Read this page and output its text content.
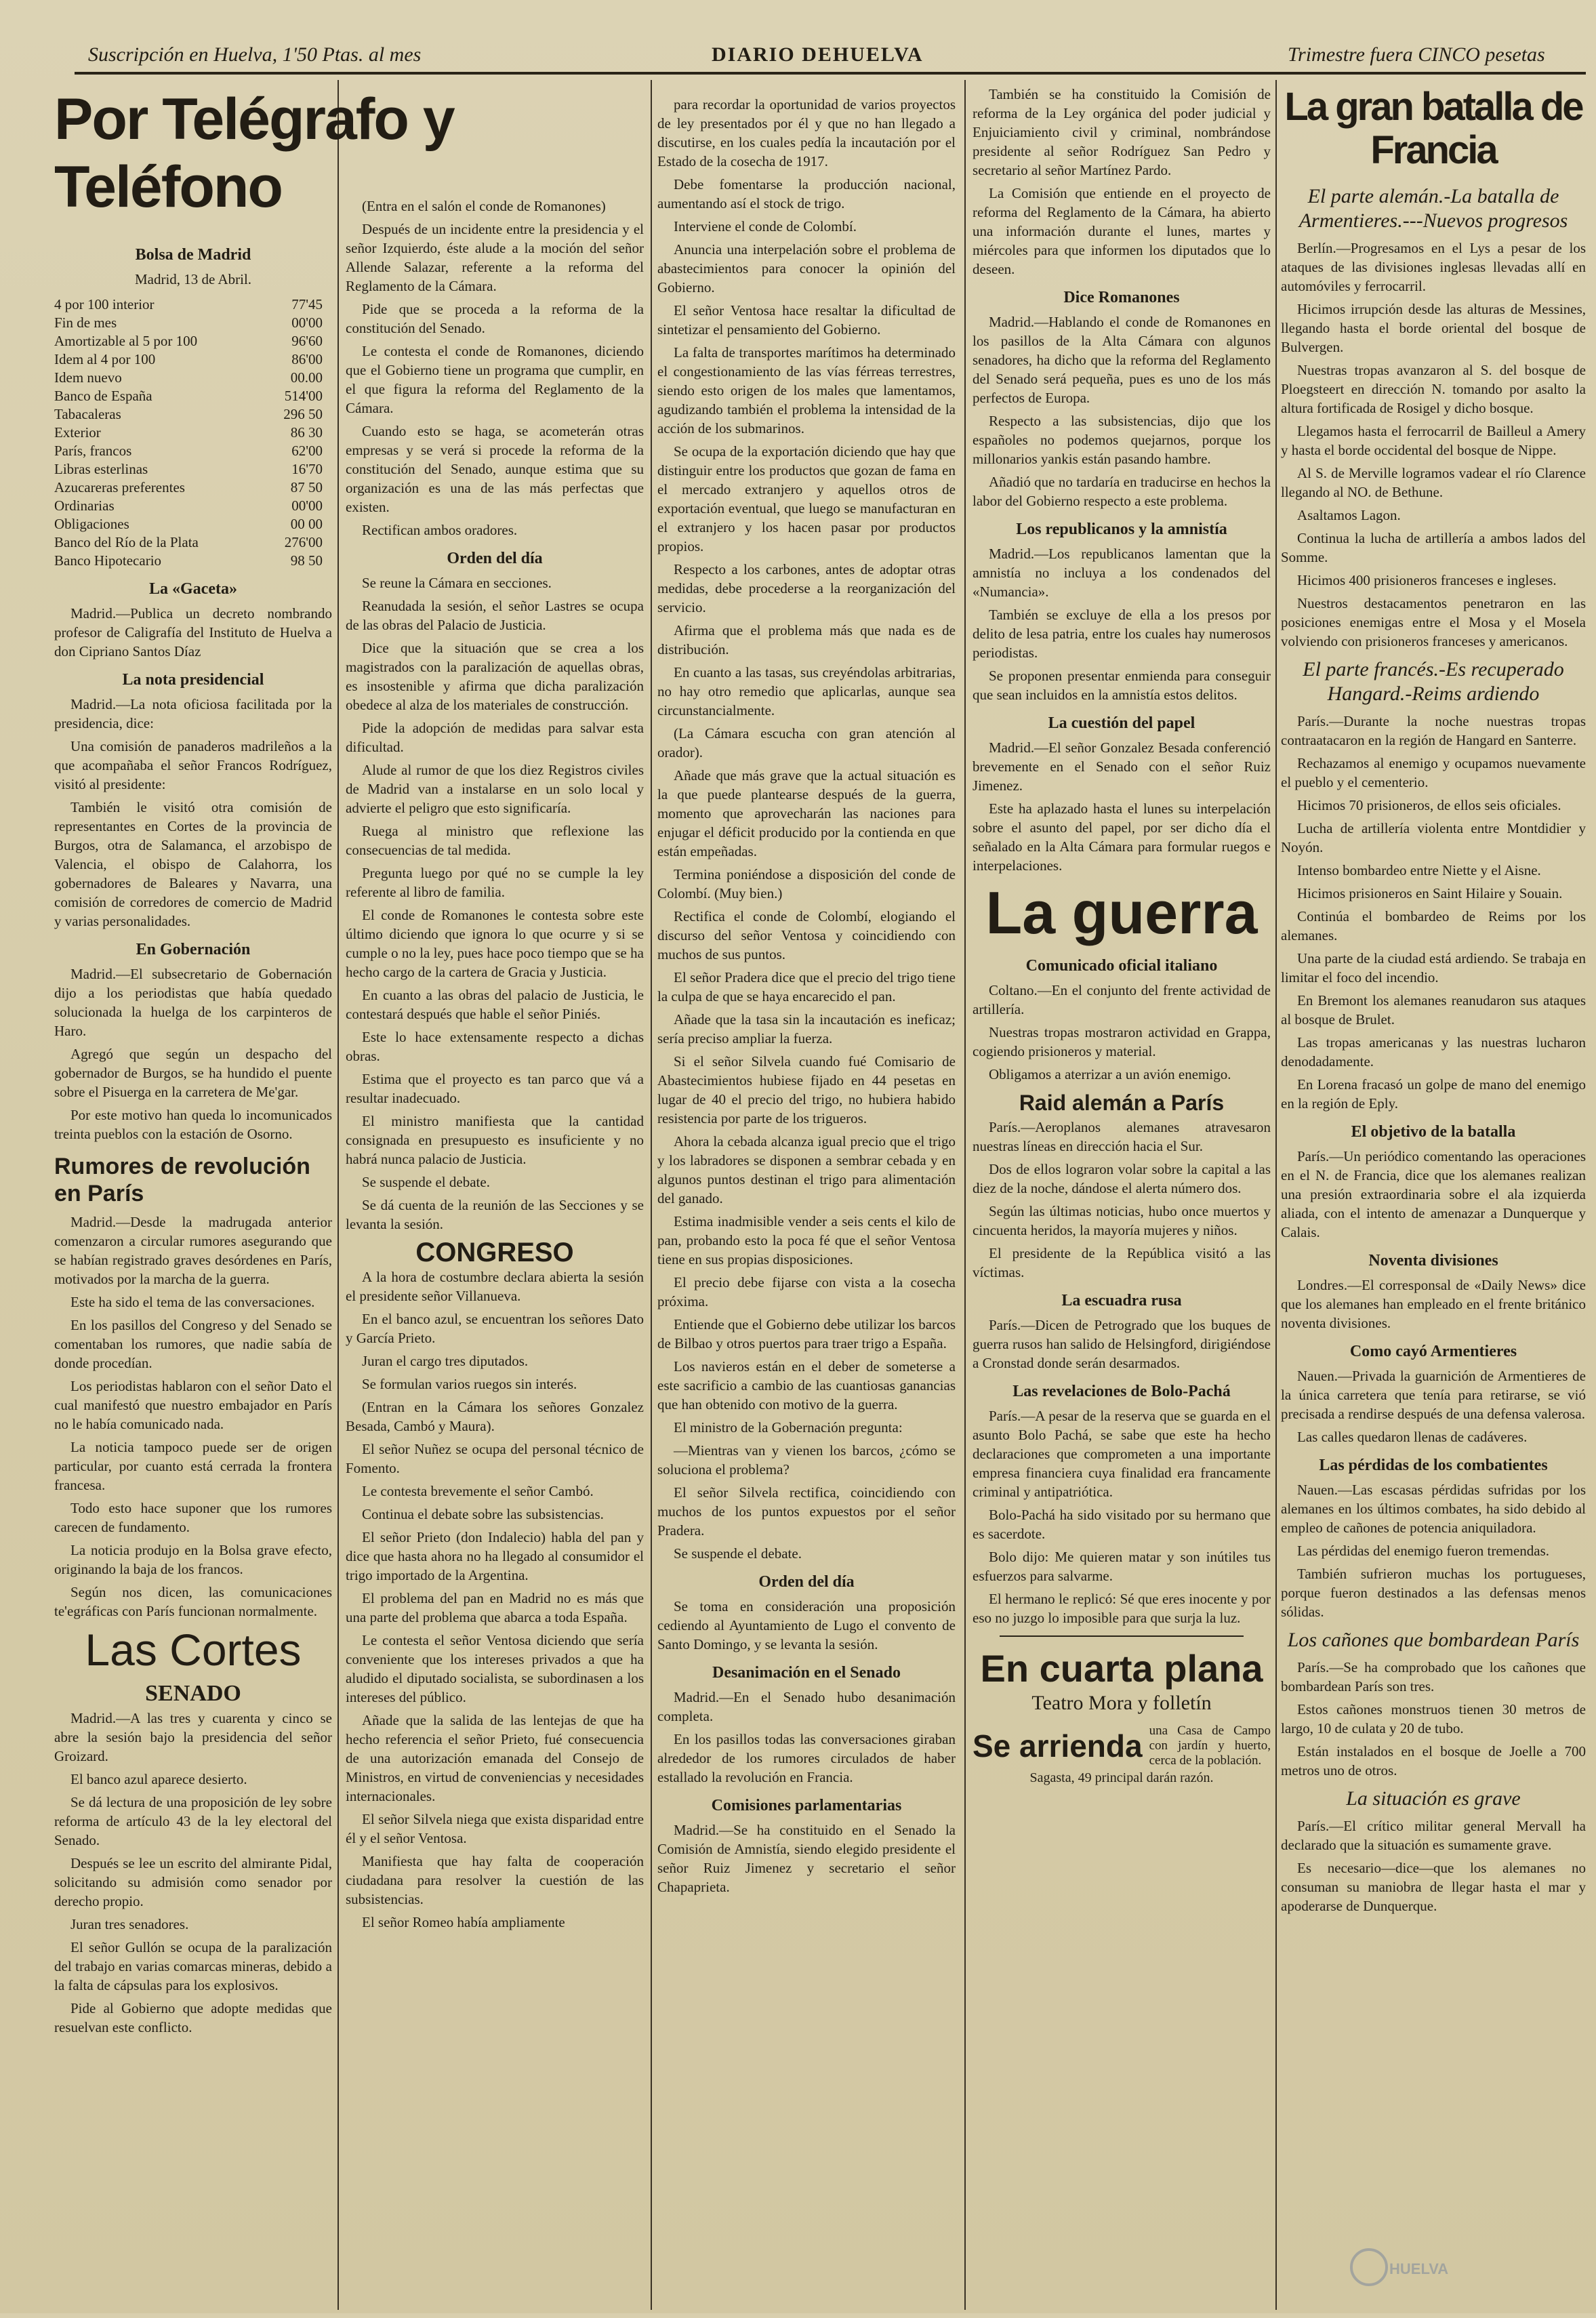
Suscripción en Huelva, 1'50 Ptas. al mes	DIARIO DEHUELVA	Trimestre fuera CINCO pesetas
Por Telégrafo y Teléfono
Bolsa de Madrid
Madrid, 13 de Abril.
4 por 100 interior	77'45
Fin de mes	00'00
Amortizable al 5 por 100	96'60
Idem al 4 por 100	86'00
Idem nuevo	00.00
Banco de España	514'00
Tabacaleras	296 50
Exterior	86 30
París, francos	62'00
Libras esterlinas	16'70
Azucareras preferentes	87 50
Ordinarias	00'00
Obligaciones	00 00
Banco del Río de la Plata	276'00
Banco Hipotecario	98 50
La «Gaceta»

Madrid.—Publica un decreto nombrando profesor de Caligrafía del Instituto de Huelva a don Cipriano Santos Díaz

La nota presidencial

Madrid.—La nota oficiosa facilitada por la presidencia, dice:

Una comisión de panaderos madrileños a la que acompañaba el señor Francos Rodríguez, visitó al presidente:

También le visitó otra comisión de representantes en Cortes de la provincia de Burgos, otra de Salamanca, el arzobispo de Valencia, el obispo de Calahorra, los gobernadores de Baleares y Navarra, una comisión de corredores de comercio de Madrid y varias personalidades.

En Gobernación

Madrid.—El subsecretario de Gobernación dijo a los periodistas que había quedado solucionada la huelga de los carpinteros de Haro.

Agregó que según un despacho del gobernador de Burgos, se ha hundido el puente sobre el Pisuerga en la carretera de Me'gar.

Por este motivo han queda lo incomunicados treinta pueblos con la estación de Osorno.

Rumores de revolución en París

Madrid.—Desde la madrugada anterior comenzaron a circular rumores asegurando que se habían registrado graves desórdenes en París, motivados por la marcha de la guerra.

Este ha sido el tema de las conversaciones.

En los pasillos del Congreso y del Senado se comentaban los rumores, que nadie sabía de donde procedían.

Los periodistas hablaron con el señor Dato el cual manifestó que nuestro embajador en París no le había comunicado nada.

La noticia tampoco puede ser de origen particular, por cuanto está cerrada la frontera francesa.

Todo esto hace suponer que los rumores carecen de fundamento.

La noticia produjo en la Bolsa grave efecto, originando la baja de los francos.

Según nos dicen, las comunicaciones te'egráficas con París funcionan normalmente.

Las Cortes
SENADO

Madrid.—A las tres y cuarenta y cinco se abre la sesión bajo la presidencia del señor Groizard.

El banco azul aparece desierto.

Se dá lectura de una proposición de ley sobre reforma de artículo 43 de la ley electoral del Senado.

Después se lee un escrito del almirante Pidal, solicitando su admisión como senador por derecho propio.

Juran tres senadores.

El señor Gullón se ocupa de la paralización del trabajo en varias comarcas mineras, debido a la falta de cápsulas para los explosivos.

Pide al Gobierno que adopte medidas que resuelvan este conflicto.

(Entra en el salón el conde de Romanones)

Después de un incidente entre la presidencia y el señor Izquierdo, éste alude a la moción del señor Allende Salazar, referente a la reforma del Reglamento de la Cámara.

Pide que se proceda a la reforma de la constitución del Senado.

Le contesta el conde de Romanones, diciendo que el Gobierno tiene un programa que cumplir, en el que figura la reforma del Reglamento de la Cámara.

Cuando esto se haga, se acometerán otras empresas y se verá si procede la reforma de la constitución del Senado, aunque estima que su organización es una de las más perfectas que existen.

Rectifican ambos oradores.

Orden del día

Se reune la Cámara en secciones.

Reanudada la sesión, el señor Lastres se ocupa de las obras del Palacio de Justicia.

Dice que la situación que se crea a los magistrados con la paralización de aquellas obras, es insostenible y afirma que dicha paralización obedece al alza de los materiales de construcción.

Pide la adopción de medidas para salvar esta dificultad.

Alude al rumor de que los diez Registros civiles de Madrid van a instalarse en un solo local y advierte el peligro que esto significaría.

Ruega al ministro que reflexione las consecuencias de tal medida.

Pregunta luego por qué no se cumple la ley referente al libro de familia.

El conde de Romanones le contesta sobre este último diciendo que ignora lo que ocurre y si se cumple o no la ley, pues hace poco tiempo que se ha hecho cargo de la cartera de Gracia y Justicia.

En cuanto a las obras del palacio de Justicia, le contestará después que hable el señor Piniés.

Este lo hace extensamente respecto a dichas obras.

Estima que el proyecto es tan parco que vá a resultar inadecuado.

El ministro manifiesta que la cantidad consignada en presupuesto es insuficiente y no habrá nunca palacio de Justicia.

Se suspende el debate.

Se dá cuenta de la reunión de las Secciones y se levanta la sesión.

CONGRESO

A la hora de costumbre declara abierta la sesión el presidente señor Villanueva.

En el banco azul, se encuentran los señores Dato y García Prieto.

Juran el cargo tres diputados.

Se formulan varios ruegos sin interés.

(Entran en la Cámara los señores Gonzalez Besada, Cambó y Maura).

El señor Nuñez se ocupa del personal técnico de Fomento.

Le contesta brevemente el señor Cambó.

Continua el debate sobre las subsistencias.

El señor Prieto (don Indalecio) habla del pan y dice que hasta ahora no ha llegado al consumidor el trigo importado de la Argentina.

El problema del pan en Madrid no es más que una parte del problema que abarca a toda España.

Le contesta el señor Ventosa diciendo que sería conveniente que los intereses privados a que ha aludido el diputado socialista, se subordinasen a los intereses del público.

Añade que la salida de las lentejas de que ha hecho referencia el señor Prieto, fué consecuencia de una autorización emanada del Consejo de Ministros, en virtud de conveniencias y necesidades internacionales.

El señor Silvela niega que exista disparidad entre él y el señor Ventosa.

Manifiesta que hay falta de cooperación ciudadana para resolver la cuestión de las subsistencias.

El señor Romeo había ampliamente

para recordar la oportunidad de varios proyectos de ley presentados por él y que no han llegado a discutirse, en los cuales pedía la incautación por el Estado de la cosecha de 1917.

Debe fomentarse la producción nacional, aumentando así el stock de trigo.

Interviene el conde de Colombí.

Anuncia una interpelación sobre el problema de abastecimientos para conocer la opinión del Gobierno.

El señor Ventosa hace resaltar la dificultad de sintetizar el pensamiento del Gobierno.

La falta de transportes marítimos ha determinado el congestionamiento de las vías férreas terrestres, siendo esto origen de los males que lamentamos, agudizando también el problema la intensidad de la acción de los submarinos.

Se ocupa de la exportación diciendo que hay que distinguir entre los productos que gozan de fama en el mercado extranjero y aquellos otros de exportación eventual, que luego se manufacturan en el extranjero y los hacen pasar por productos propios.

Respecto a los carbones, antes de adoptar otras medidas, debe procederse a la reorganización del servicio.

Afirma que el problema más que nada es de distribución.

En cuanto a las tasas, sus creyéndolas arbitrarias, no hay otro remedio que aplicarlas, aunque sea circunstancialmente.

(La Cámara escucha con gran atención al orador).

Añade que más grave que la actual situación es la que puede plantearse después de la guerra, momento que aprovecharán las naciones para enjugar el déficit producido por la contienda en que están empeñadas.

Termina poniéndose a disposición del conde de Colombí. (Muy bien.)

Rectifica el conde de Colombí, elogiando el discurso del señor Ventosa y coincidiendo con muchos de sus puntos.

El señor Pradera dice que el precio del trigo tiene la culpa de que se haya encarecido el pan.

Añade que la tasa sin la incautación es ineficaz; sería preciso ampliar la fuerza.

Si el señor Silvela cuando fué Comisario de Abastecimientos hubiese fijado en 44 pesetas en lugar de 40 el precio del trigo, no hubiera habido resistencia por parte de los trigueros.

Ahora la cebada alcanza igual precio que el trigo y los labradores se disponen a sembrar cebada y en algunos puntos destinan el trigo para alimentación del ganado.

Estima inadmisible vender a seis cents el kilo de pan, probando esto la poca fé que el señor Ventosa tiene en sus propias disposiciones.

El precio debe fijarse con vista a la cosecha próxima.

Entiende que el Gobierno debe utilizar los barcos de Bilbao y otros puertos para traer trigo a España.

Los navieros están en el deber de someterse a este sacrificio a cambio de las cuantiosas ganancias que han obtenido con motivo de la guerra.

El ministro de la Gobernación pregunta:

—Mientras van y vienen los barcos, ¿cómo se soluciona el problema?

El señor Silvela rectifica, coincidiendo con muchos de los puntos expuestos por el señor Pradera.

Se suspende el debate.

Orden del día

Se toma en consideración una proposición cediendo al Ayuntamiento de Lugo el convento de Santo Domingo, y se levanta la sesión.

Desanimación en el Senado

Madrid.—En el Senado hubo desanimación completa.

En los pasillos todas las conversaciones giraban alrededor de los rumores circulados de haber estallado la revolución en Francia.

Comisiones parlamentarias

Madrid.—Se ha constituido en el Senado la Comisión de Amnistía, siendo elegido presidente el señor Ruiz Jimenez y secretario el señor Chapaprieta.

También se ha constituido la Comisión de reforma de la Ley orgánica del poder judicial y Enjuiciamiento civil y criminal, nombrándose presidente al señor Rodríguez San Pedro y secretario al señor Martínez Pardo.

La Comisión que entiende en el proyecto de reforma del Reglamento de la Cámara, ha abierto una información durante el lunes, martes y miércoles para que informen los diputados que lo deseen.

Dice Romanones

Madrid.—Hablando el conde de Romanones en los pasillos de la Alta Cámara con algunos senadores, ha dicho que la reforma del Reglamento del Senado será pequeña, pues es uno de los más perfectos de Europa.

Respecto a las subsistencias, dijo que los españoles no podemos quejarnos, porque los millonarios yankis están pasando hambre.

Añadió que no tardaría en traducirse en hechos la labor del Gobierno respecto a este problema.

Los republicanos y la amnistía

Madrid.—Los republicanos lamentan que la amnistía no incluya a los condenados del «Numancia».

También se excluye de ella a los presos por delito de lesa patria, entre los cuales hay numerosos periodistas.

Se proponen presentar enmienda para conseguir que sean incluidos en la amnistía estos delitos.

La cuestión del papel

Madrid.—El señor Gonzalez Besada conferenció brevemente en el Senado con el señor Ruiz Jimenez.

Este ha aplazado hasta el lunes su interpelación sobre el asunto del papel, por ser dicho día el señalado en la Alta Cámara para formular ruegos e interpelaciones.

La guerra
Comunicado oficial italiano

Coltano.—En el conjunto del frente actividad de artillería.

Nuestras tropas mostraron actividad en Grappa, cogiendo prisioneros y material.

Obligamos a aterrizar a un avión enemigo.

Raid alemán a París

París.—Aeroplanos alemanes atravesaron nuestras líneas en dirección hacia el Sur.

Dos de ellos lograron volar sobre la capital a las diez de la noche, dándose el alerta número dos.

Según las últimas noticias, hubo once muertos y cincuenta heridos, la mayoría mujeres y niños.

El presidente de la República visitó a las víctimas.

La escuadra rusa

París.—Dicen de Petrogrado que los buques de guerra rusos han salido de Helsingford, dirigiéndose a Cronstad donde serán desarmados.

Las revelaciones de Bolo-Pachá

París.—A pesar de la reserva que se guarda en el asunto Bolo Pachá, se sabe que este ha hecho declaraciones que comprometen a una importante empresa financiera cuya finalidad era francamente criminal y antipatriótica.

Bolo-Pachá ha sido visitado por su hermano que es sacerdote.

Bolo dijo: Me quieren matar y son inútiles tus esfuerzos para salvarme.

El hermano le replicó: Sé que eres inocente y por eso no juzgo lo imposible para que surja la luz.

En cuarta plana
Teatro Mora y folletín
Se arrienda una Casa de Campo con jardín y huerto, cerca de la población.
Sagasta, 49 principal darán razón.
La gran batalla de Francia
El parte alemán.-La batalla de Armentieres.---Nuevos progresos

Berlín.—Progresamos en el Lys a pesar de los ataques de las divisiones inglesas llevadas allí en automóviles y ferrocarril.

Hicimos irrupción desde las alturas de Messines, llegando hasta el borde oriental del bosque de Bulvergen.

Nuestras tropas avanzaron al S. del bosque de Ploegsteert en dirección N. tomando por asalto la altura fortificada de Rosigel y dicho bosque.

Llegamos hasta el ferrocarril de Bailleul a Amery y hasta el borde occidental del bosque de Nippe.

Al S. de Merville logramos vadear el río Clarence llegando al NO. de Bethune.

Asaltamos Lagon.

Continua la lucha de artillería a ambos lados del Somme.

Hicimos 400 prisioneros franceses e ingleses.

Nuestros destacamentos penetraron en las posiciones enemigas entre el Mosa y el Mosela volviendo con prisioneros franceses y americanos.

El parte francés.-Es recuperado Hangard.-Reims ardiendo

París.—Durante la noche nuestras tropas contraatacaron en la región de Hangard en Santerre.

Rechazamos al enemigo y ocupamos nuevamente el pueblo y el cementerio.

Hicimos 70 prisioneros, de ellos seis oficiales.

Lucha de artillería violenta entre Montdidier y Noyón.

Intenso bombardeo entre Niette y el Aisne.

Hicimos prisioneros en Saint Hilaire y Souain.

Continúa el bombardeo de Reims por los alemanes.

Una parte de la ciudad está ardiendo. Se trabaja en limitar el foco del incendio.

En Bremont los alemanes reanudaron sus ataques al bosque de Brulet.

Las tropas americanas y las nuestras lucharon denodadamente.

En Lorena fracasó un golpe de mano del enemigo en la región de Eply.

El objetivo de la batalla

París.—Un periódico comentando las operaciones en el N. de Francia, dice que los alemanes realizan una presión extraordinaria sobre el ala izquierda aliada, con el intento de amenazar a Dunquerque y Calais.

Noventa divisiones

Londres.—El corresponsal de «Daily News» dice que los alemanes han empleado en el frente británico noventa divisiones.

Como cayó Armentieres

Nauen.—Privada la guarnición de Armentieres de la única carretera que tenía para retirarse, se vió precisada a rendirse después de una defensa valerosa.

Las calles quedaron llenas de cadáveres.

Las pérdidas de los combatientes

Nauen.—Las escasas pérdidas sufridas por los alemanes en los últimos combates, ha sido debido al empleo de cañones de potencia aniquiladora.

Las pérdidas del enemigo fueron tremendas.

También sufrieron muchas los portugueses, porque fueron destinados a las defensas menos sólidas.

Los cañones que bombardean París

París.—Se ha comprobado que los cañones que bombardean París son tres.

Estos cañones monstruos tienen 30 metros de largo, 10 de culata y 20 de tubo.

Están instalados en el bosque de Joelle a 700 metros uno de otros.

La situación es grave

París.—El crítico militar general Mervall ha declarado que la situación es sumamente grave.

Es necesario—dice—que los alemanes no consuman su maniobra de llegar hasta el mar y apoderarse de Dunquerque.

HUELVA
